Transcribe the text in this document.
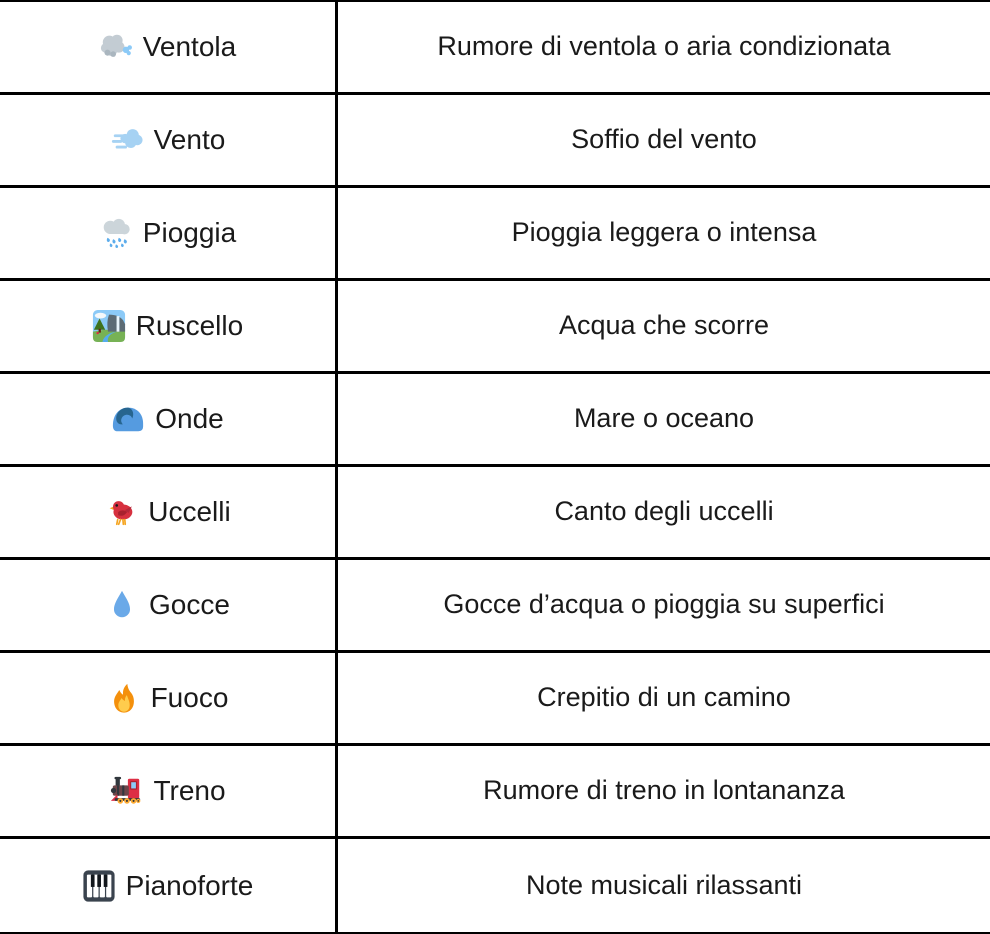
Ventola	Rumore di ventola o aria condizionata
Vento	Soffio del vento
Pioggia	Pioggia leggera o intensa
Ruscello	Acqua che scorre
Onde	Mare o oceano
Uccelli	Canto degli uccelli
Gocce	Gocce d’acqua o pioggia su superfici
Fuoco	Crepitio di un camino
Treno	Rumore di treno in lontananza
Pianoforte	Note musicali rilassanti
